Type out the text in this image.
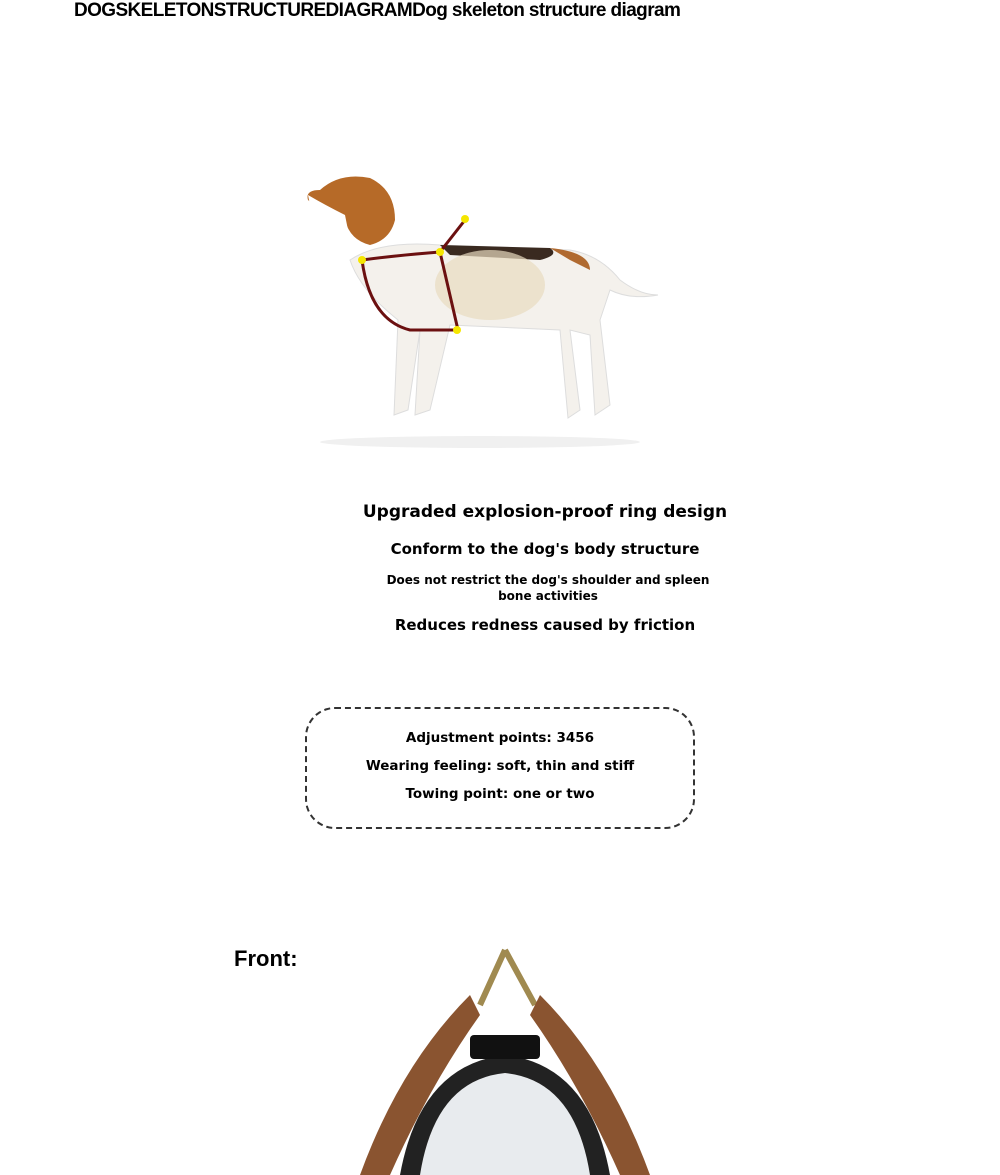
DOGSKELETONSTRUCTUREDIAGRAMDog skeleton structure diagram
Upgraded explosion-proof ring design
Conform to the dog's body structure
Does not restrict the dog's shoulder and spleen bone activities
Reduces redness caused by friction
Adjustment points: 3456
Wearing feeling: soft, thin and stiff
Towing point: one or two
Front:
